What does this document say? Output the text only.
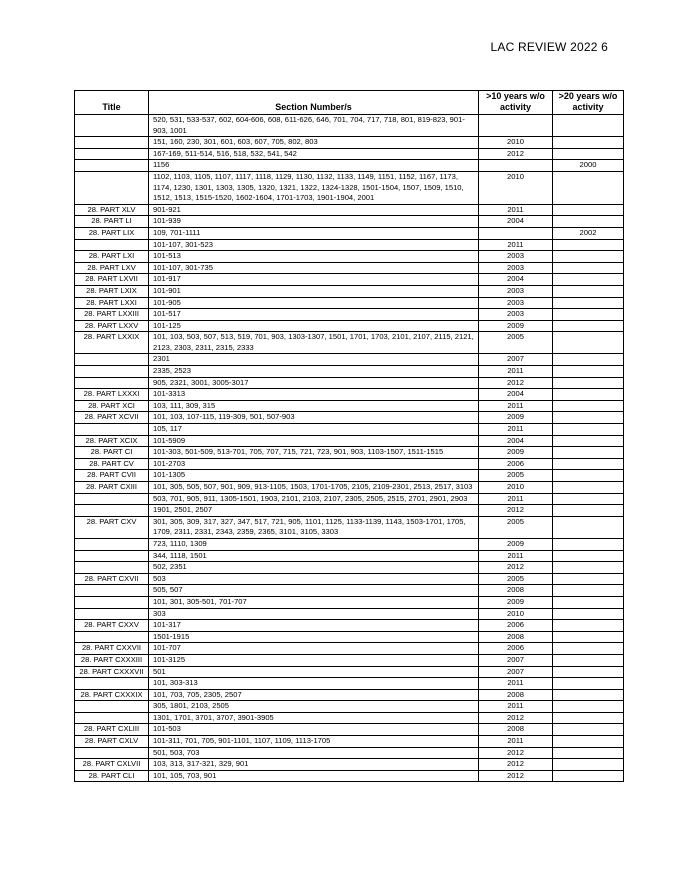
LAC REVIEW 2022 6
Title	Section Number/s	>10 years w/o activity	>20 years w/o activity
	520, 531, 533-537, 602, 604-606, 608, 611-626, 646, 701, 704, 717, 718, 801, 819-823, 901-903, 1001		
	151, 160, 230, 301, 601, 603, 607, 705, 802, 803	2010	
	167-169, 511-514, 516, 518, 532, 541, 542	2012	
	1156		2000
	1102, 1103, 1105, 1107, 1117, 1118, 1129, 1130, 1132, 1133, 1149, 1151, 1152, 1167, 1173, 1174, 1230, 1301, 1303, 1305, 1320, 1321, 1322, 1324-1328, 1501-1504, 1507, 1509, 1510, 1512, 1513, 1515-1520, 1602-1604, 1701-1703, 1901-1904, 2001	2010	
28. PART XLV	901-921	2011	
28. PART LI	101-939	2004	
28. PART LIX	109, 701-1111		2002
	101-107, 301-523	2011	
28. PART LXI	101-513	2003	
28. PART LXV	101-107, 301-735	2003	
28. PART LXVII	101-917	2004	
28. PART LXIX	101-901	2003	
28. PART LXXI	101-905	2003	
28. PART LXXIII	101-517	2003	
28. PART LXXV	101-125	2009	
28. PART LXXIX	101, 103, 503, 507, 513, 519, 701, 903, 1303-1307, 1501, 1701, 1703, 2101, 2107, 2115, 2121, 2123, 2303, 2311, 2315, 2333	2005	
	2301	2007	
	2335, 2523	2011	
	905, 2321, 3001, 3005-3017	2012	
28. PART LXXXI	101-3313	2004	
28. PART XCI	103, 111, 309, 315	2011	
28. PART XCVII	101, 103, 107-115, 119-309, 501, 507-903	2009	
	105, 117	2011	
28. PART XCIX	101-5909	2004	
28. PART CI	101-303, 501-509, 513-701, 705, 707, 715, 721, 723, 901, 903, 1103-1507, 1511-1515	2009	
28. PART CV	101-2703	2006	
28. PART CVII	101-1305	2005	
28. PART CXIII	101, 305, 505, 507, 901, 909, 913-1105, 1503, 1701-1705, 2105, 2109-2301, 2513, 2517, 3103	2010	
	503, 701, 905, 911, 1305-1501, 1903, 2101, 2103, 2107, 2305, 2505, 2515, 2701, 2901, 2903	2011	
	1901, 2501, 2507	2012	
28. PART CXV	301, 305, 309, 317, 327, 347, 517, 721, 905, 1101, 1125, 1133-1139, 1143, 1503-1701, 1705, 1709, 2311, 2331, 2343, 2359, 2365, 3101, 3105, 3303	2005	
	723, 1110, 1309	2009	
	344, 1118, 1501	2011	
	502, 2351	2012	
28. PART CXVII	503	2005	
	505, 507	2008	
	101, 301, 305-501, 701-707	2009	
	303	2010	
28. PART CXXV	101-317	2006	
	1501-1915	2008	
28. PART CXXVII	101-707	2006	
28. PART CXXXIII	101-3125	2007	
28. PART CXXXVII	501	2007	
	101, 303-313	2011	
28. PART CXXXIX	101, 703, 705, 2305, 2507	2008	
	305, 1801, 2103, 2505	2011	
	1301, 1701, 3701, 3707, 3901-3905	2012	
28. PART CXLIII	101-503	2008	
28. PART CXLV	101-311, 701, 705, 901-1101, 1107, 1109, 1113-1705	2011	
	501, 503, 703	2012	
28. PART CXLVII	103, 313, 317-321, 329, 901	2012	
28. PART CLI	101, 105, 703, 901	2012	
